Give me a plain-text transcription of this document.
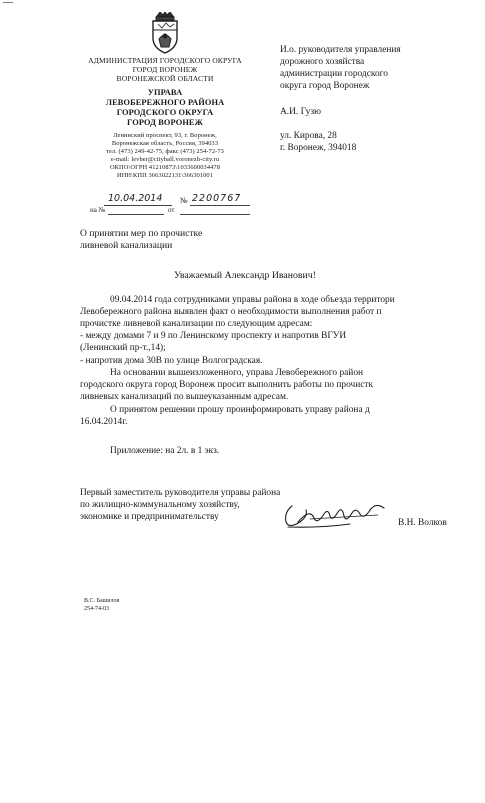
АДМИНИСТРАЦИЯ ГОРОДСКОГО ОКРУГА
ГОРОД ВОРОНЕЖ
ВОРОНЕЖСКОЙ ОБЛАСТИ
УПРАВА
ЛЕВОБЕРЕЖНОГО РАЙОНА
ГОРОДСКОГО ОКРУГА
ГОРОД ВОРОНЕЖ
Ленинский проспект, 93, г. Воронеж,
Воронежская область, Россия, 394033
тел. (473) 249-42-75, факс (473) 254-72-73
e-mail: levber@cityhall.voronezh-city.ru
ОКПО\ОГРН 41210873\1033600034478
ИНН\КПП 3663022131\366301001
10.04.2014 № 2200767
на №	от
И.о. руководителя управления
дорожного хозяйства
администрации городского
округа город Воронеж
А.И. Гузю
ул. Кирова, 28
г. Воронеж, 394018
О принятии мер по прочистке
ливневой канализации
Уважаемый Александр Иванович!
09.04.2014 года сотрудниками управы района в ходе объезда территори
Левобережного района выявлен факт о необходимости выполнения работ п
прочистке ливневой канализации по следующим адресам:
- между домами 7 и 9 по Ленинскому проспекту и напротив ВГУИ
(Ленинский пр-т.,14);
- напротив дома 30В по улице Волгоградская.
На основании вышеизложенного, управа Левобережного район
городского округа город Воронеж просит выполнить работы по прочистк
ливневых канализаций по вышеуказанным адресам.
О принятом решении прошу проинформировать управу района д
16.04.2014г.
Приложение: на 2л. в 1 экз.
Первый заместитель руководителя управы района
по жилищно-коммунальному хозяйству,
экономике и предпринимательству
В.Н. Волков
В.С. Башилов
254-74-03
